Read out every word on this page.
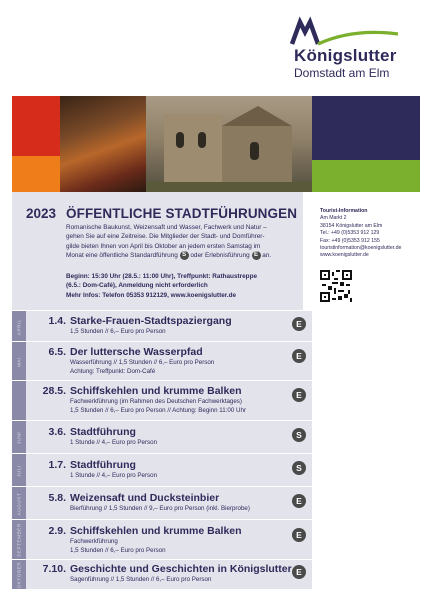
Königslutter
Domstadt am Elm
2023 ÖFFENTLICHE STADTFÜHRUNGEN
Romanische Baukunst, Weizensaft und Wasser, Fachwerk und Natur –
gehen Sie auf eine Zeitreise. Die Mitglieder der Stadt- und Domführer-
gilde bieten Ihnen von April bis Oktober an jedem ersten Samstag im
Monat eine öffentliche Standardführung S oder Erlebnisführung E an.
Beginn: 15:30 Uhr (28.5.: 11:00 Uhr), Treffpunkt: Rathaustreppe
(6.5.: Dom-Café), Anmeldung nicht erforderlich
Mehr Infos: Telefon 05353 912129, www.koenigslutter.de
Tourist-Information
Am Markt 2
38154 Königslutter am Elm
Tel.: +49 (0)5353 912 129
Fax: +49 (0)5353 912 155
touristinformation@koenigslutter.de
www.koenigslutter.de
APRIL	1.4. Starke-Frauen-Stadtspaziergang
1,5 Stunden // 6,– Euro pro Person
E
MAI
6.5. Der luttersche Wasserpfad
Wasserführung // 1,5 Stunden // 6,– Euro pro Person
Achtung: Treffpunkt: Dom-Café
E
28.5. Schiffskehlen und krumme Balken
Fachwerkführung (im Rahmen des Deutschen Fachwerktages)
1,5 Stunden // 6,– Euro pro Person // Achtung: Beginn 11:00 Uhr
E
JUNI	3.6. Stadtführung
1 Stunde // 4,– Euro pro Person
S
JULI	1.7. Stadtführung
1 Stunde // 4,– Euro pro Person
S
AUGUST	5.8. Weizensaft und Ducksteinbier
Bierführung // 1,5 Stunden // 9,– Euro pro Person (inkl. Bierprobe)
E
SEPTEMBER	2.9. Schiffskehlen und krumme Balken
Fachwerkführung
1,5 Stunden // 6,– Euro pro Person
E
OKTOBER	7.10. Geschichte und Geschichten in Königslutter
Sagenführung // 1,5 Stunden // 6,– Euro pro Person
E
